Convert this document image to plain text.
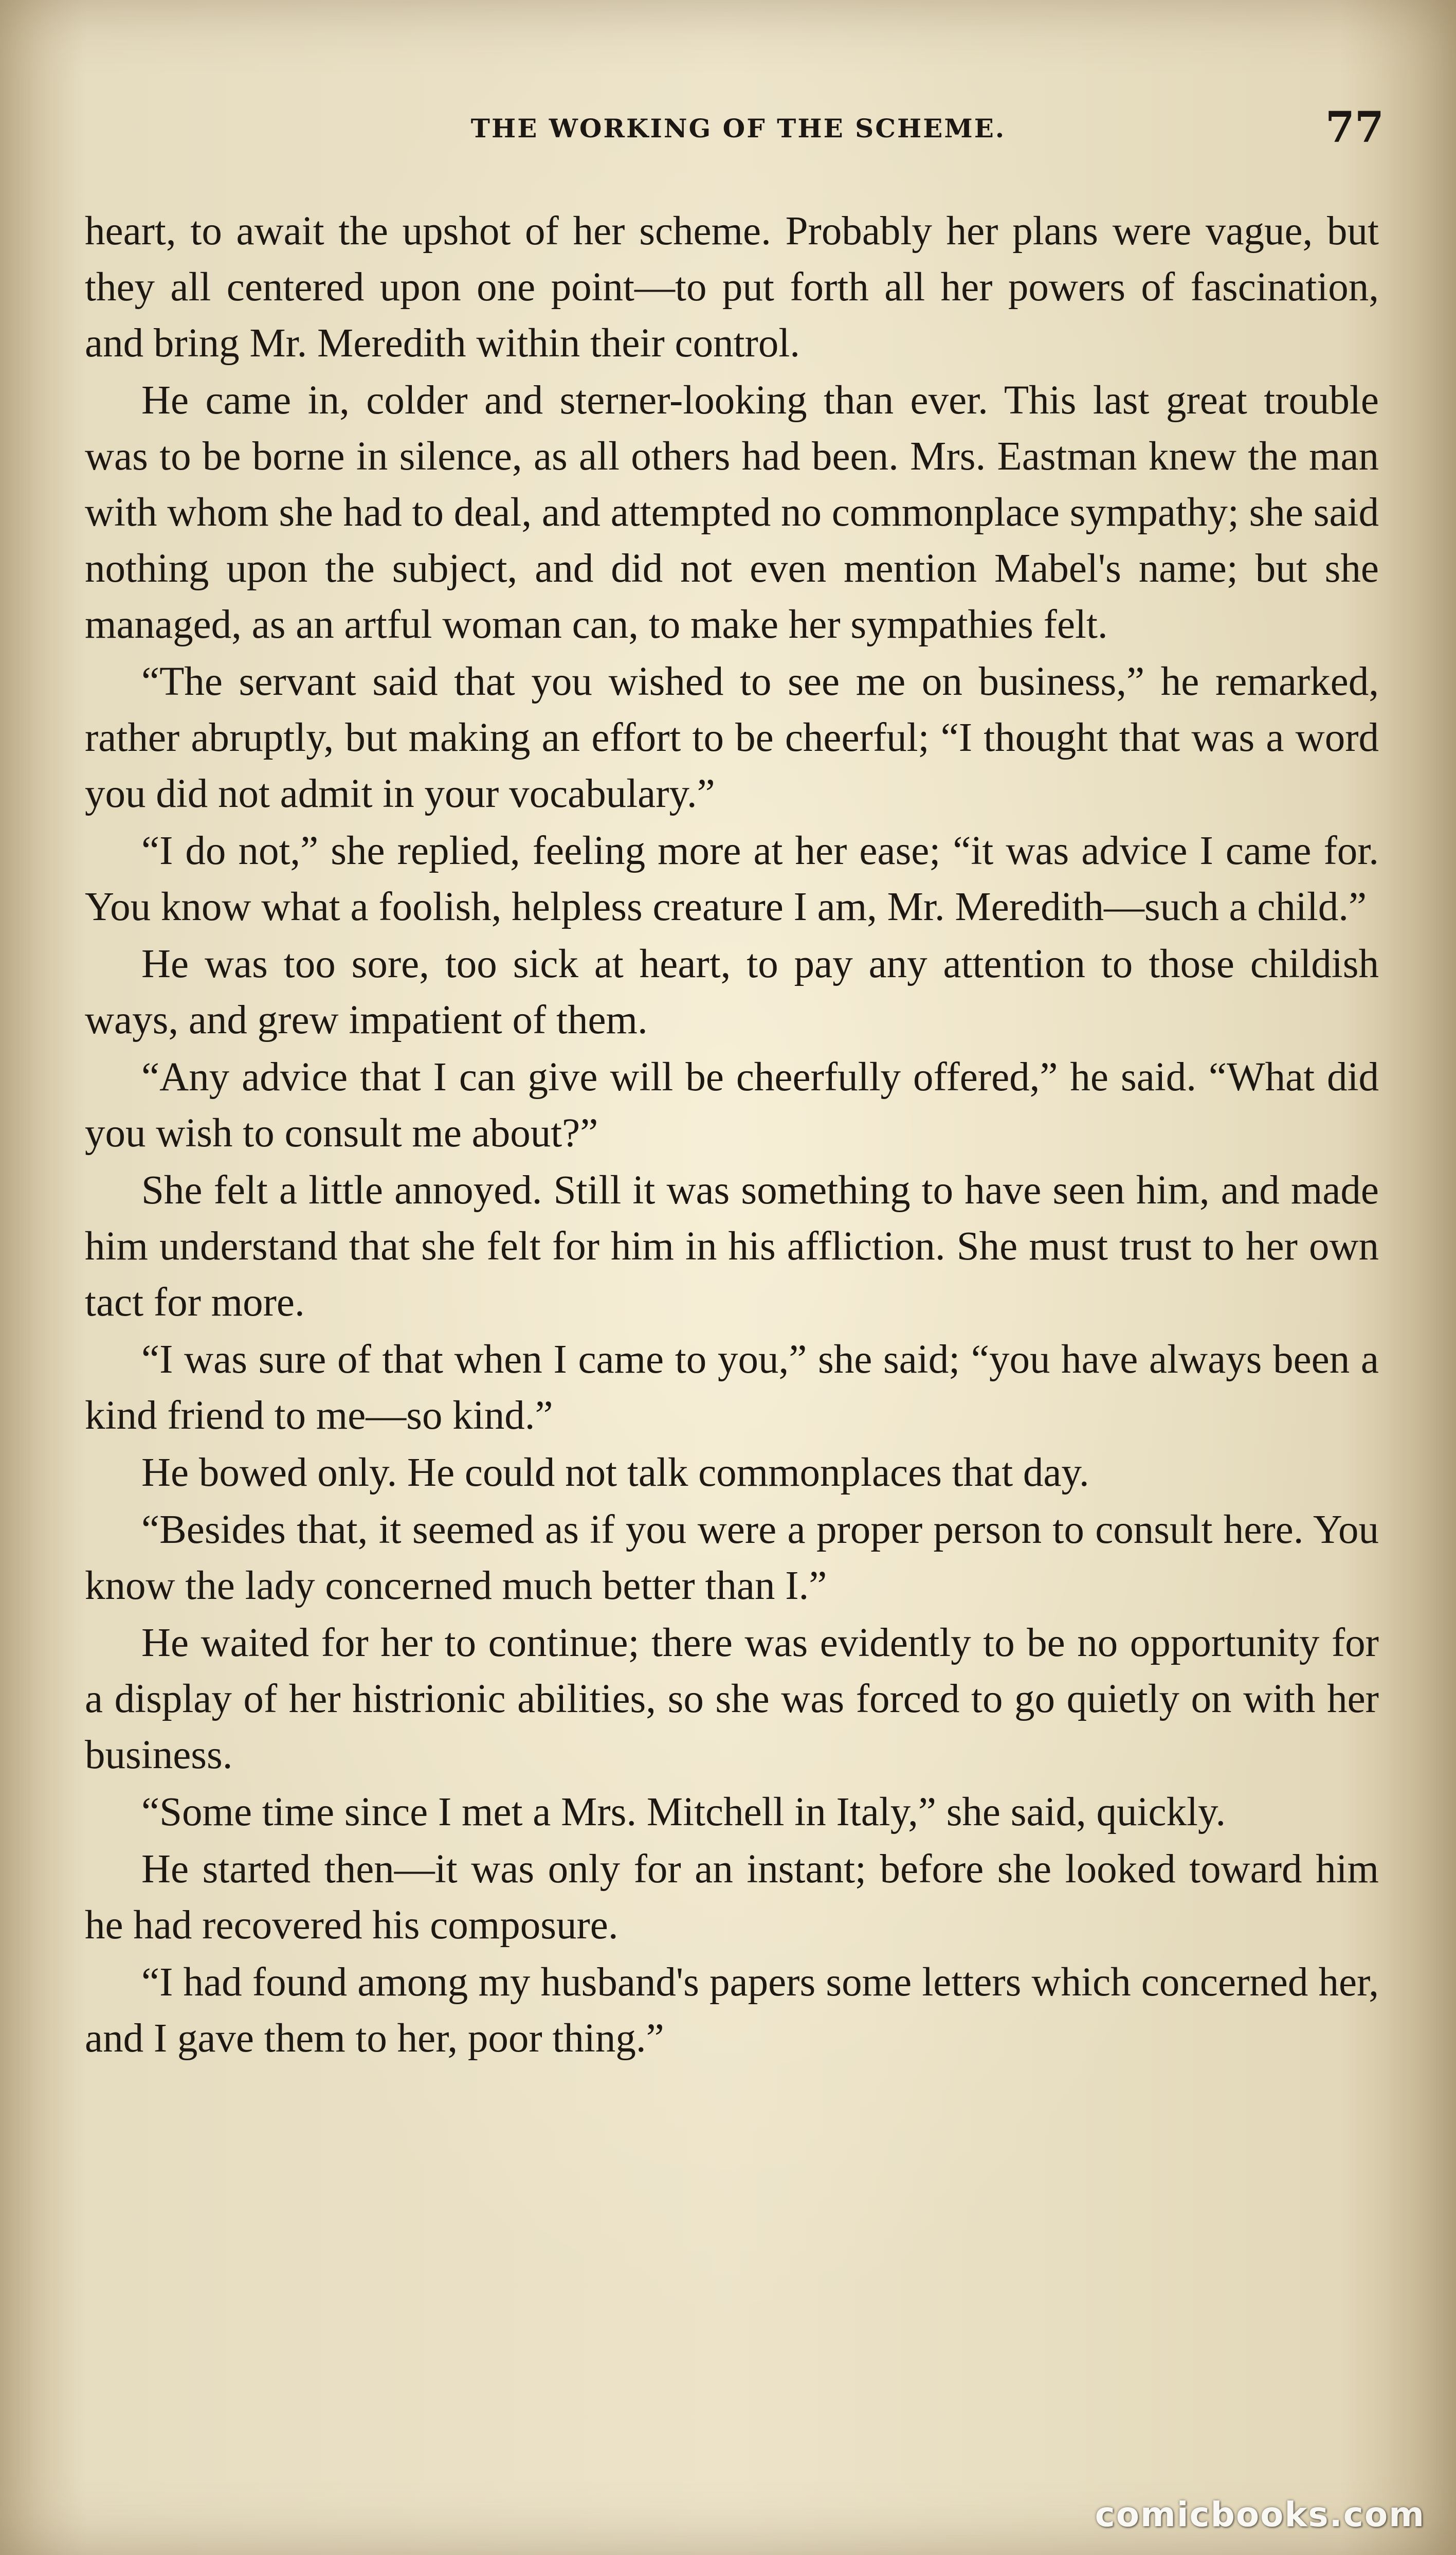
THE WORKING OF THE SCHEME.	77

heart, to await the upshot of her scheme. Probably her plans were vague, but they all centered upon one point—to put forth all her powers of fascination, and bring Mr. Meredith within their control.

He came in, colder and sterner-looking than ever. This last great trouble was to be borne in silence, as all others had been. Mrs. Eastman knew the man with whom she had to deal, and attempted no commonplace sympathy; she said nothing upon the subject, and did not even mention Mabel's name; but she managed, as an artful woman can, to make her sympathies felt.

“The servant said that you wished to see me on business,” he remarked, rather abruptly, but making an effort to be cheerful; “I thought that was a word you did not admit in your vocabulary.”

“I do not,” she replied, feeling more at her ease; “it was advice I came for. You know what a foolish, helpless creature I am, Mr. Meredith—such a child.”

He was too sore, too sick at heart, to pay any attention to those childish ways, and grew impatient of them.

“Any advice that I can give will be cheerfully offered,” he said. “What did you wish to consult me about?”

She felt a little annoyed. Still it was something to have seen him, and made him understand that she felt for him in his affliction. She must trust to her own tact for more.

“I was sure of that when I came to you,” she said; “you have always been a kind friend to me—so kind.”

He bowed only. He could not talk commonplaces that day.

“Besides that, it seemed as if you were a proper person to consult here. You know the lady concerned much better than I.”

He waited for her to continue; there was evidently to be no opportunity for a display of her histrionic abilities, so she was forced to go quietly on with her business.

“Some time since I met a Mrs. Mitchell in Italy,” she said, quickly.

He started then—it was only for an instant; before she looked toward him he had recovered his composure.

“I had found among my husband's papers some letters which concerned her, and I gave them to her, poor thing.”

comicbooks.com
